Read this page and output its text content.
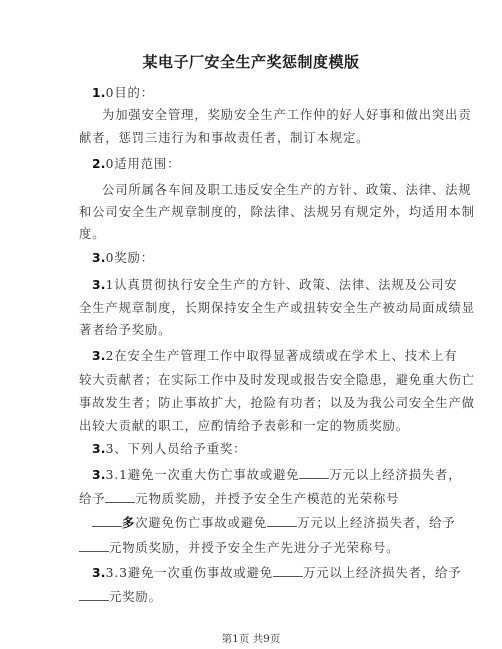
某电子厂安全生产奖惩制度模版
1.0目的：
为加强安全管理，奖励安全生产工作仲的好人好事和做出突出贡
献者，惩罚三违行为和事故责任者，制订本规定。
2.0适用范围：
公司所属各车间及职工违反安全生产的方针、政策、法律、法规
和公司安全生产规章制度的，除法律、法规另有规定外，均适用本制
度。
3.0奖励：
3.1认真贯彻执行安全生产的方针、政策、法律、法规及公司安
全生产规章制度，长期保持安全生产或扭转安全生产被动局面成绩显
著者给予奖励。
3.2在安全生产管理工作中取得显著成绩或在学术上、技术上有
较大贡献者；在实际工作中及时发现或报告安全隐患，避免重大伤亡
事故发生者；防止事故扩大，抢险有功者；以及为我公司安全生产做
出较大贡献的职工，应酌情给予表彰和一定的物质奖励。
3.3、下列人员给予重奖：
3.3.1避免一次重大伤亡事故或避免 万元以上经济损失者，
给予 元物质奖励，并授予安全生产模范的光荣称号
多次避免伤亡事故或避免 万元以上经济损失者，给予
元物质奖励，并授予安全生产先进分子光荣称号。
3.3.3避免一次重伤事故或避免 万元以上经济损失者，给予
元奖励。
第1页 共9页
